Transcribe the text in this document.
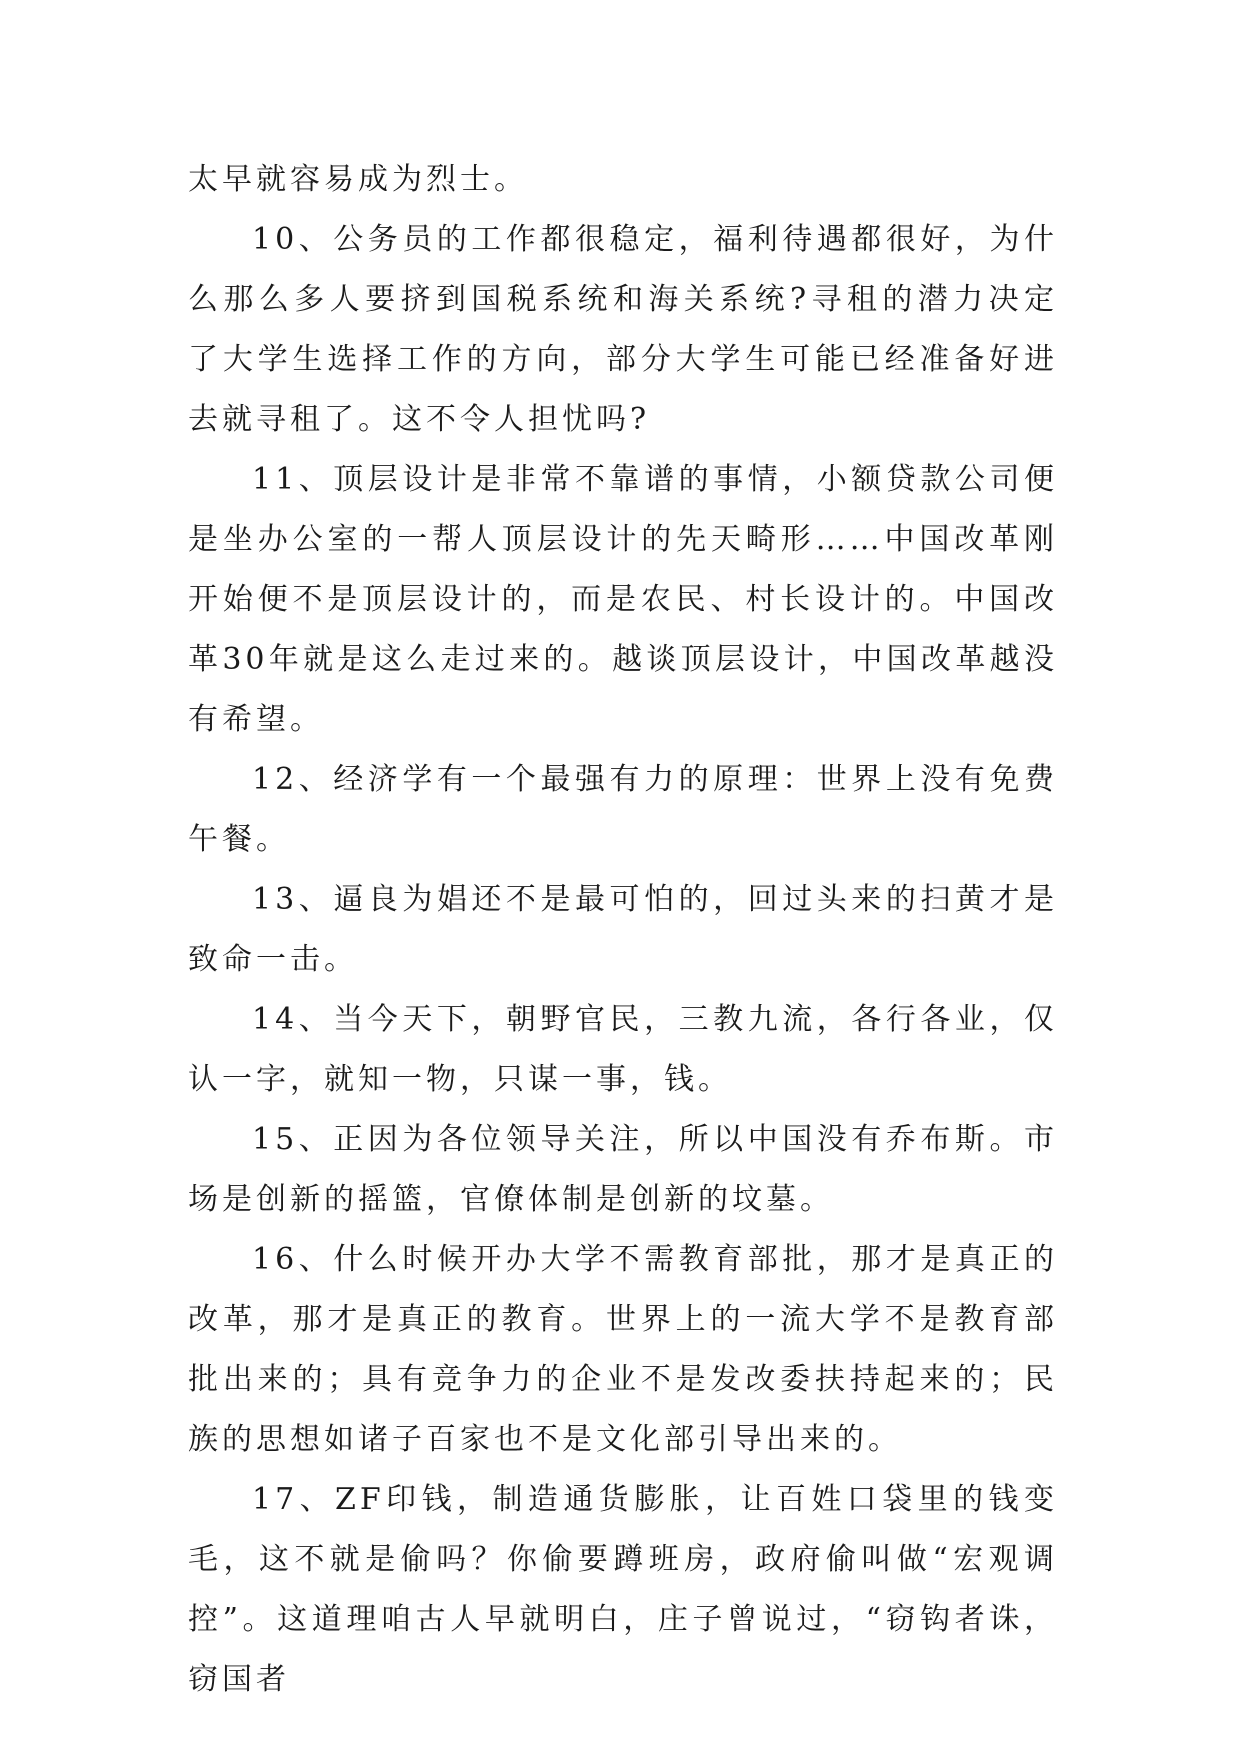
太早就容易成为烈士。

10、公务员的工作都很稳定，福利待遇都很好，为什么那么多人要挤到国税系统和海关系统?寻租的潜力决定了大学生选择工作的方向，部分大学生可能已经准备好进去就寻租了。这不令人担忧吗?

11、顶层设计是非常不靠谱的事情，小额贷款公司便是坐办公室的一帮人顶层设计的先天畸形……中国改革刚开始便不是顶层设计的，而是农民、村长设计的。中国改革30年就是这么走过来的。越谈顶层设计，中国改革越没有希望。

12、经济学有一个最强有力的原理：世界上没有免费午餐。

13、逼良为娼还不是最可怕的，回过头来的扫黄才是致命一击。

14、当今天下，朝野官民，三教九流，各行各业，仅认一字，就知一物，只谋一事，钱。

15、正因为各位领导关注，所以中国没有乔布斯。市场是创新的摇篮，官僚体制是创新的坟墓。

16、什么时候开办大学不需教育部批，那才是真正的改革，那才是真正的教育。世界上的一流大学不是教育部批出来的；具有竞争力的企业不是发改委扶持起来的；民族的思想如诸子百家也不是文化部引导出来的。

17、ZF印钱，制造通货膨胀，让百姓口袋里的钱变毛，这不就是偷吗？你偷要蹲班房，政府偷叫做“宏观调控”。这道理咱古人早就明白，庄子曾说过，“窃钩者诛，窃国者
